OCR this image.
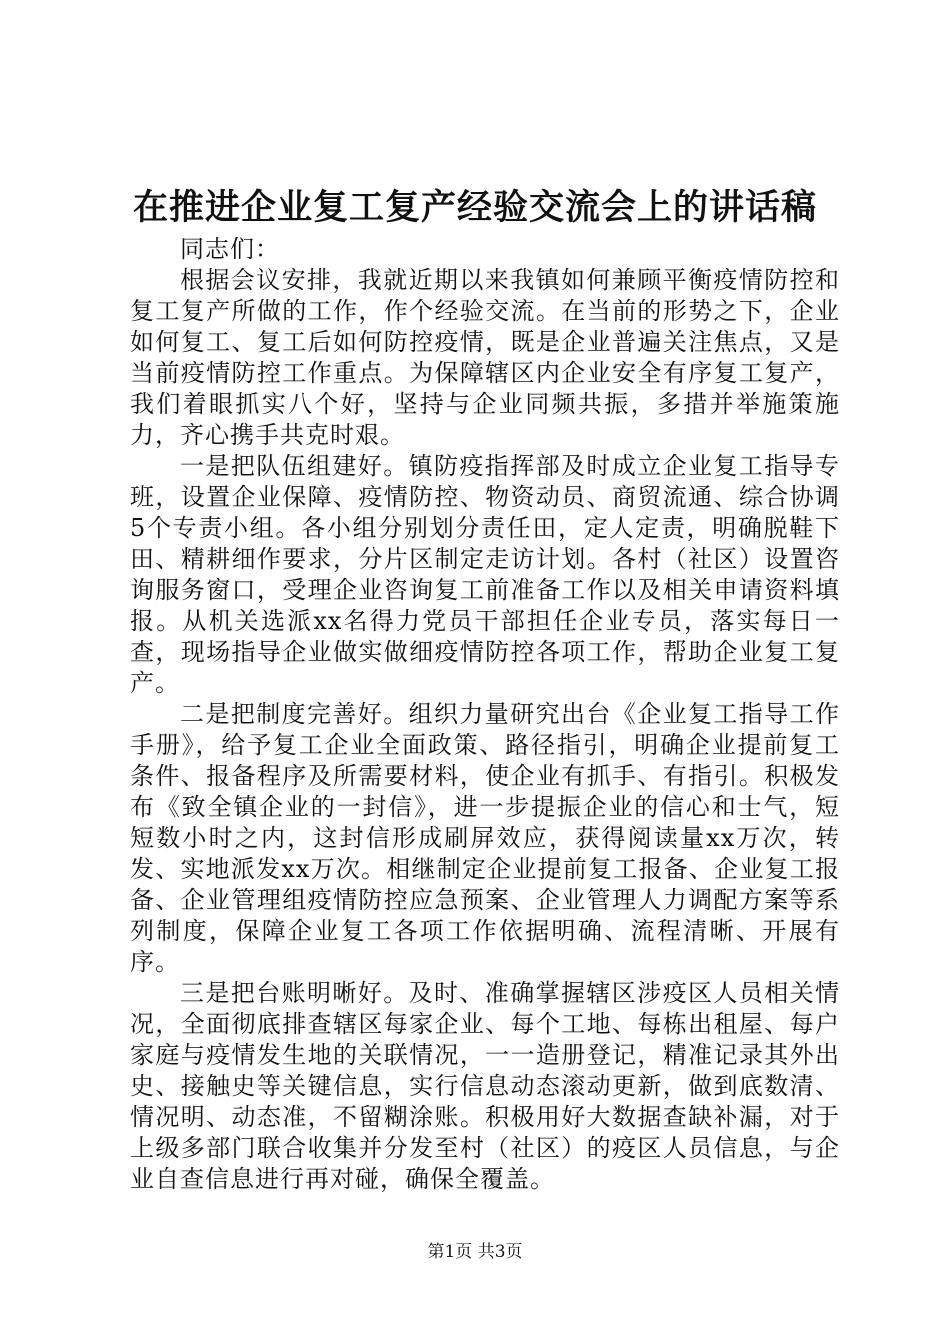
在推进企业复工复产经验交流会上的讲话稿

同志们：

根据会议安排，我就近期以来我镇如何兼顾平衡疫情防控和复工复产所做的工作，作个经验交流。在当前的形势之下，企业如何复工、复工后如何防控疫情，既是企业普遍关注焦点，又是当前疫情防控工作重点。为保障辖区内企业安全有序复工复产，我们着眼抓实八个好，坚持与企业同频共振，多措并举施策施力，齐心携手共克时艰。

一是把队伍组建好。镇防疫指挥部及时成立企业复工指导专班，设置企业保障、疫情防控、物资动员、商贸流通、综合协调5个专责小组。各小组分别划分责任田，定人定责，明确脱鞋下田、精耕细作要求，分片区制定走访计划。各村（社区）设置咨询服务窗口，受理企业咨询复工前准备工作以及相关申请资料填报。从机关选派xx名得力党员干部担任企业专员，落实每日一查，现场指导企业做实做细疫情防控各项工作，帮助企业复工复产。

二是把制度完善好。组织力量研究出台《企业复工指导工作手册》，给予复工企业全面政策、路径指引，明确企业提前复工条件、报备程序及所需要材料，使企业有抓手、有指引。积极发布《致全镇企业的一封信》，进一步提振企业的信心和士气，短短数小时之内，这封信形成刷屏效应，获得阅读量xx万次，转发、实地派发xx万次。相继制定企业提前复工报备、企业复工报备、企业管理组疫情防控应急预案、企业管理人力调配方案等系列制度，保障企业复工各项工作依据明确、流程清晰、开展有序。

三是把台账明晰好。及时、准确掌握辖区涉疫区人员相关情况，全面彻底排查辖区每家企业、每个工地、每栋出租屋、每户家庭与疫情发生地的关联情况，一一造册登记，精准记录其外出史、接触史等关键信息，实行信息动态滚动更新，做到底数清、情况明、动态准，不留糊涂账。积极用好大数据查缺补漏，对于上级多部门联合收集并分发至村（社区）的疫区人员信息，与企业自查信息进行再对碰，确保全覆盖。

第1页 共3页
